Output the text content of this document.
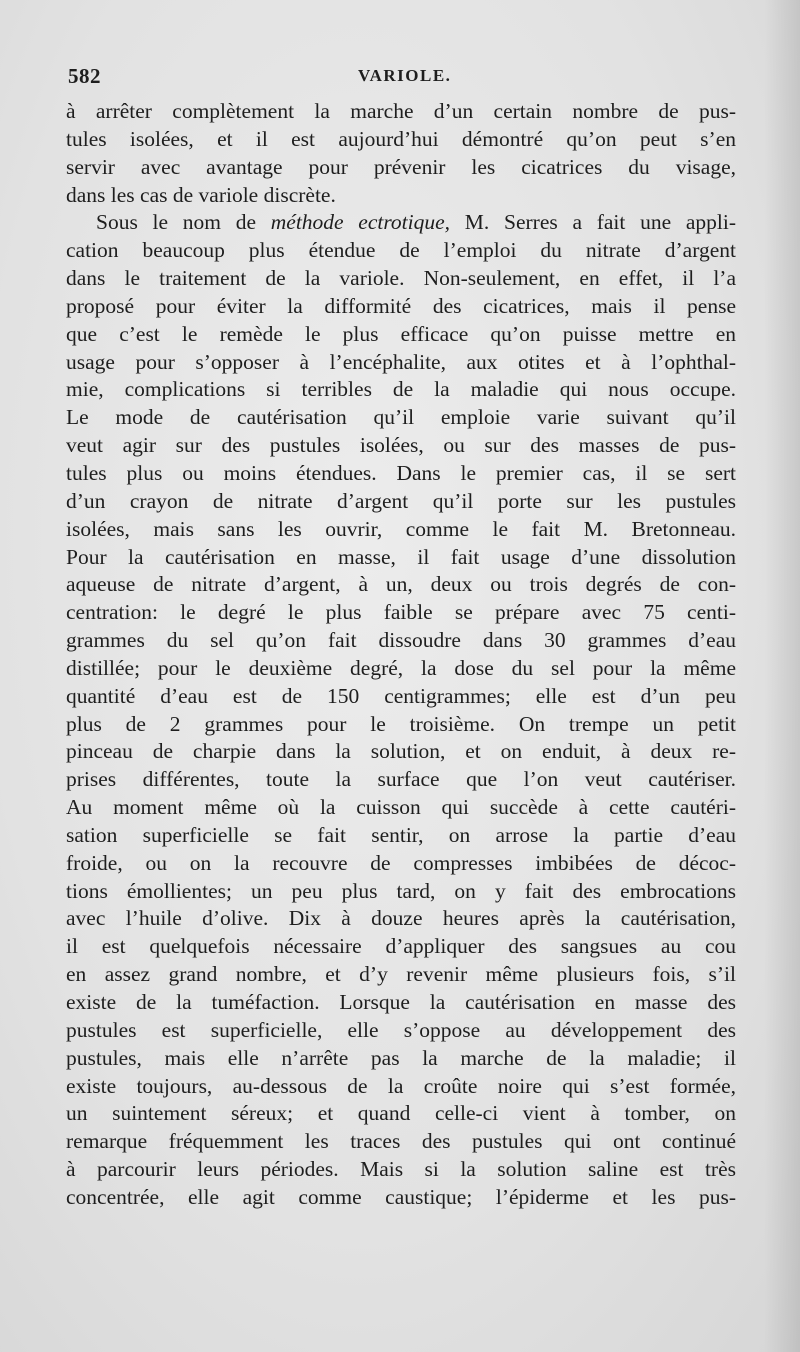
582	VARIOLE.
à arrêter complètement la marche d’un certain nombre de pus-
tules isolées, et il est aujourd’hui démontré qu’on peut s’en
servir avec avantage pour prévenir les cicatrices du visage,
dans les cas de variole discrète.
Sous le nom de méthode ectrotique, M. Serres a fait une appli-
cation beaucoup plus étendue de l’emploi du nitrate d’argent
dans le traitement de la variole. Non-seulement, en effet, il l’a
proposé pour éviter la difformité des cicatrices, mais il pense
que c’est le remède le plus efficace qu’on puisse mettre en
usage pour s’opposer à l’encéphalite, aux otites et à l’ophthal-
mie, complications si terribles de la maladie qui nous occupe.
Le mode de cautérisation qu’il emploie varie suivant qu’il
veut agir sur des pustules isolées, ou sur des masses de pus-
tules plus ou moins étendues. Dans le premier cas, il se sert
d’un crayon de nitrate d’argent qu’il porte sur les pustules
isolées, mais sans les ouvrir, comme le fait M. Bretonneau.
Pour la cautérisation en masse, il fait usage d’une dissolution
aqueuse de nitrate d’argent, à un, deux ou trois degrés de con-
centration: le degré le plus faible se prépare avec 75 centi-
grammes du sel qu’on fait dissoudre dans 30 grammes d’eau
distillée; pour le deuxième degré, la dose du sel pour la même
quantité d’eau est de 150 centigrammes; elle est d’un peu
plus de 2 grammes pour le troisième. On trempe un petit
pinceau de charpie dans la solution, et on enduit, à deux re-
prises différentes, toute la surface que l’on veut cautériser.
Au moment même où la cuisson qui succède à cette cautéri-
sation superficielle se fait sentir, on arrose la partie d’eau
froide, ou on la recouvre de compresses imbibées de décoc-
tions émollientes; un peu plus tard, on y fait des embrocations
avec l’huile d’olive. Dix à douze heures après la cautérisation,
il est quelquefois nécessaire d’appliquer des sangsues au cou
en assez grand nombre, et d’y revenir même plusieurs fois, s’il
existe de la tuméfaction. Lorsque la cautérisation en masse des
pustules est superficielle, elle s’oppose au développement des
pustules, mais elle n’arrête pas la marche de la maladie; il
existe toujours, au-dessous de la croûte noire qui s’est formée,
un suintement séreux; et quand celle-ci vient à tomber, on
remarque fréquemment les traces des pustules qui ont continué
à parcourir leurs périodes. Mais si la solution saline est très
concentrée, elle agit comme caustique; l’épiderme et les pus-
